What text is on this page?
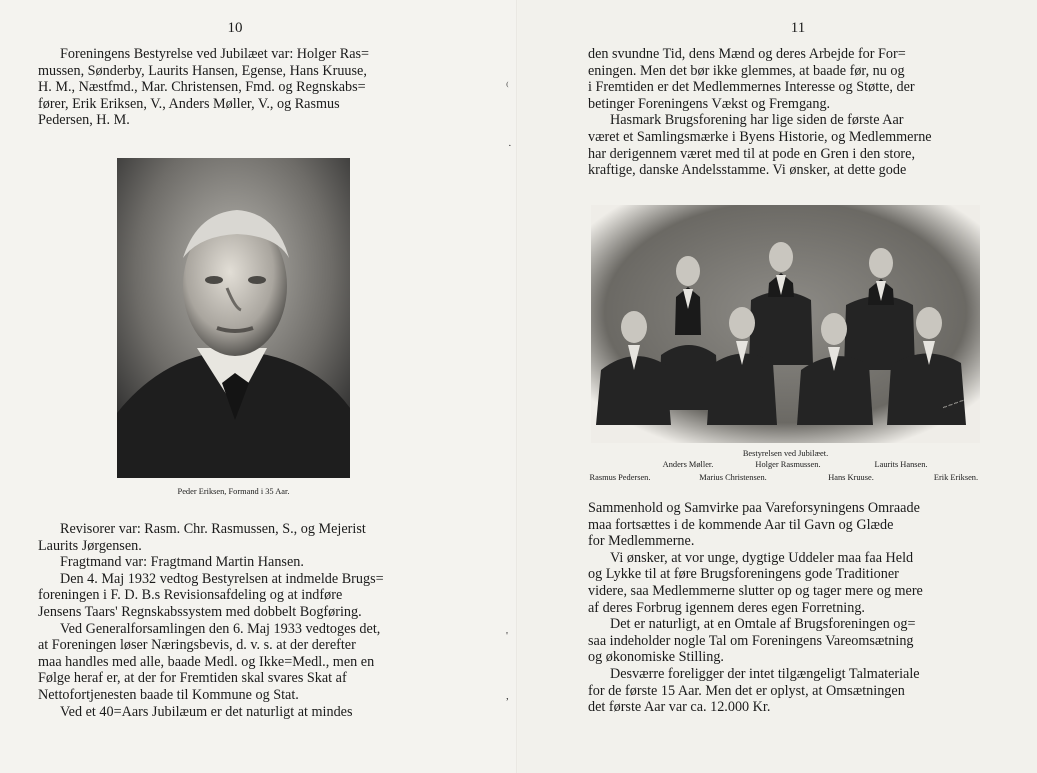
10
Foreningens Bestyrelse ved Jubilæet var: Holger Ras=
mussen, Sønderby, Laurits Hansen, Egense, Hans Kruuse,
H. M., Næstfmd., Mar. Christensen, Fmd. og Regnskabs=
fører, Erik Eriksen, V., Anders Møller, V., og Rasmus
Pedersen, H. M.
Peder Eriksen, Formand i 35 Aar.
Revisorer var: Rasm. Chr. Rasmussen, S., og Mejerist
Laurits Jørgensen.
Fragtmand var: Fragtmand Martin Hansen.
Den 4. Maj 1932 vedtog Bestyrelsen at indmelde Brugs=
foreningen i F. D. B.s Revisionsafdeling og at indføre
Jensens Taars' Regnskabssystem med dobbelt Bogføring.
Ved Generalforsamlingen den 6. Maj 1933 vedtoges det,
at Foreningen løser Næringsbevis, d. v. s. at der derefter
maa handles med alle, baade Medl. og Ikke=Medl., men en
Følge heraf er, at der for Fremtiden skal svares Skat af
Nettofortjenesten baade til Kommune og Stat.
Ved et 40=Aars Jubilæum er det naturligt at mindes
11
⁽
·
'
,
den svundne Tid, dens Mænd og deres Arbejde for For=
eningen. Men det bør ikke glemmes, at baade før, nu og
i Fremtiden er det Medlemmernes Interesse og Støtte, der
betinger Foreningens Vækst og Fremgang.
Hasmark Brugsforening har lige siden de første Aar
været et Samlingsmærke i Byens Historie, og Medlemmerne
har derigennem været med til at pode en Gren i den store,
kraftige, danske Andelsstamme. Vi ønsker, at dette gode
~~~~
Bestyrelsen ved Jubilæet.
Anders Møller.	Holger Rasmussen.	Laurits Hansen.
Rasmus Pedersen.	Marius Christensen.	Hans Kruuse.	Erik Eriksen.
Sammenhold og Samvirke paa Vareforsyningens Omraade
maa fortsættes i de kommende Aar til Gavn og Glæde
for Medlemmerne.
Vi ønsker, at vor unge, dygtige Uddeler maa faa Held
og Lykke til at føre Brugsforeningens gode Traditioner
videre, saa Medlemmerne slutter op og tager mere og mere
af deres Forbrug igennem deres egen Forretning.
Det er naturligt, at en Omtale af Brugsforeningen og=
saa indeholder nogle Tal om Foreningens Vareomsætning
og økonomiske Stilling.
Desværre foreligger der intet tilgængeligt Talmateriale
for de første 15 Aar. Men det er oplyst, at Omsætningen
det første Aar var ca. 12.000 Kr.
